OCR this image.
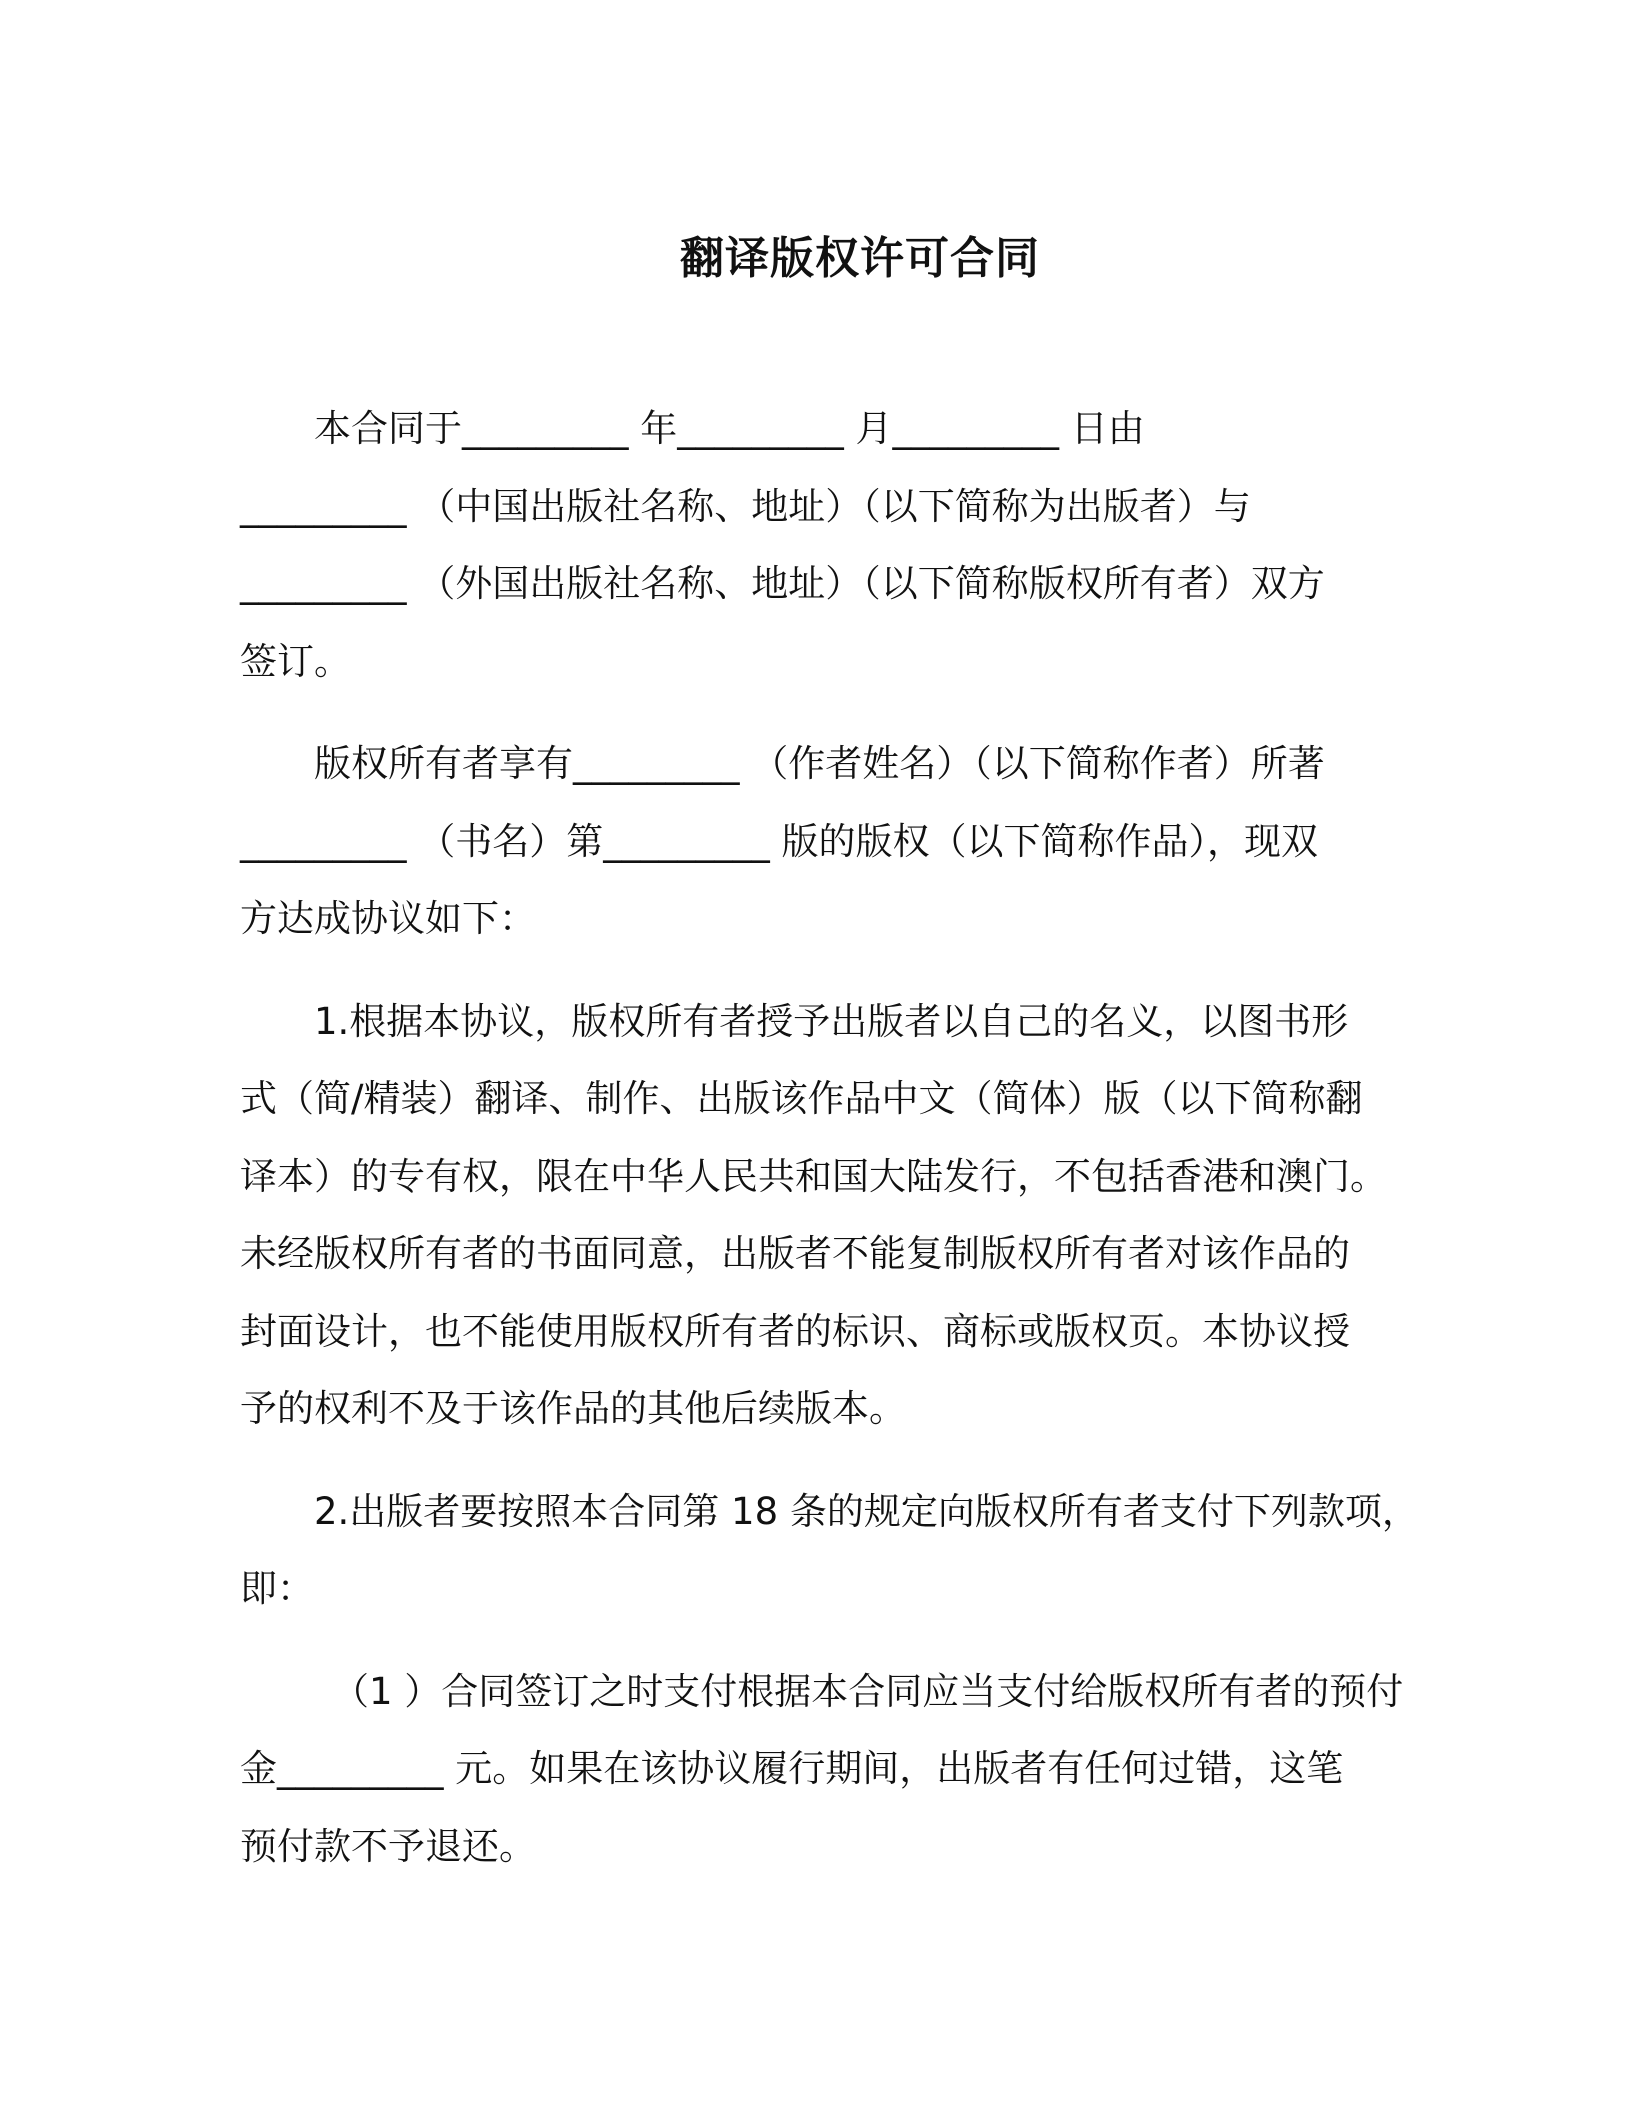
翻译版权许可合同

本合同于_________ 年_________ 月_________ 日由
_________ （中国出版社名称、地址）（以下简称为出版者）与
_________ （外国出版社名称、地址）（以下简称版权所有者）双方
签订。

版权所有者享有_________ （作者姓名）（以下简称作者）所著
_________ （书名）第_________ 版的版权（以下简称作品），现双
方达成协议如下：

1.根据本协议，版权所有者授予出版者以自己的名义，以图书形
式（简/精装）翻译、制作、出版该作品中文（简体）版（以下简称翻
译本）的专有权，限在中华人民共和国大陆发行，不包括香港和澳门。
未经版权所有者的书面同意，出版者不能复制版权所有者对该作品的
封面设计，也不能使用版权所有者的标识、商标或版权页。本协议授
予的权利不及于该作品的其他后续版本。

2.出版者要按照本合同第 18 条的规定向版权所有者支付下列款项，
即：

（1 ）合同签订之时支付根据本合同应当支付给版权所有者的预付
金_________ 元。如果在该协议履行期间，出版者有任何过错，这笔
预付款不予退还。
